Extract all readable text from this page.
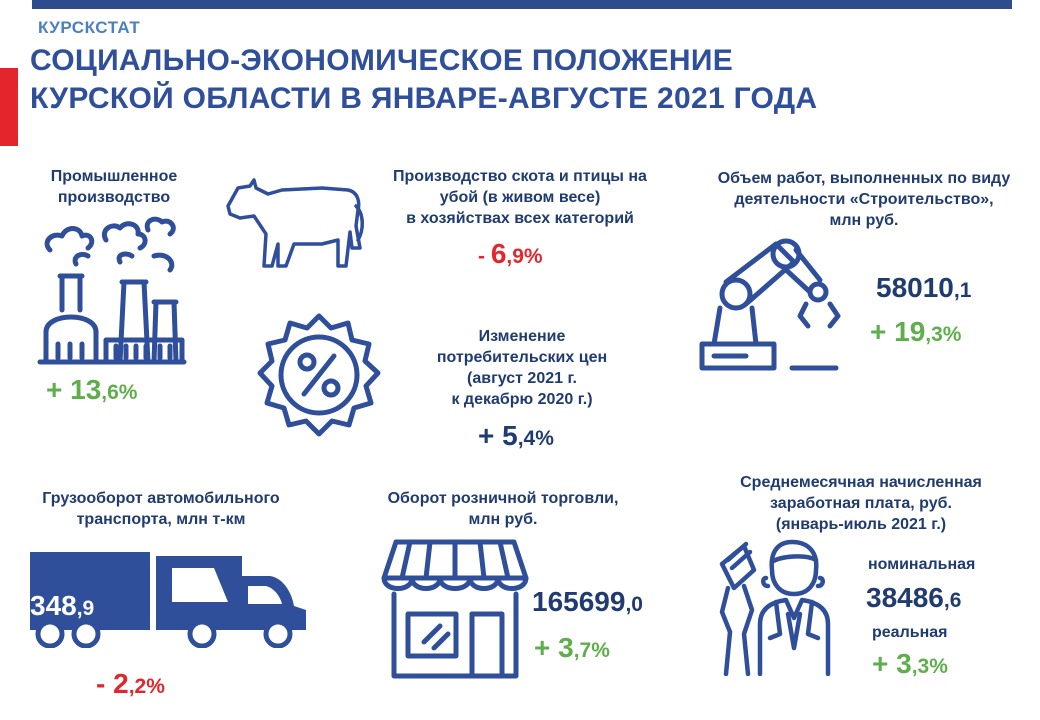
КУРСКСТАТ
СОЦИАЛЬНО-ЭКОНОМИЧЕСКОЕ ПОЛОЖЕНИЕ
КУРСКОЙ ОБЛАСТИ В ЯНВАРЕ-АВГУСТЕ 2021 ГОДА
Промышленное
производство
+ 13,6%
Производство скота и птицы на
убой (в живом весе)
в хозяйствах всех категорий
- 6,9%
Объем работ, выполненных по виду
деятельности «Строительство»,
млн руб.
58010,1
+ 19,3%
Изменение
потребительских цен
(август 2021 г.
к декабрю 2020 г.)
+ 5,4%
Грузооборот автомобильного
транспорта, млн т-км
348,9
- 2,2%
Оборот розничной торговли,
млн руб.
165699,0
+ 3,7%
Среднемесячная начисленная
заработная плата, руб.
(январь-июль 2021 г.)
номинальная
38486,6
реальная
+ 3,3%
